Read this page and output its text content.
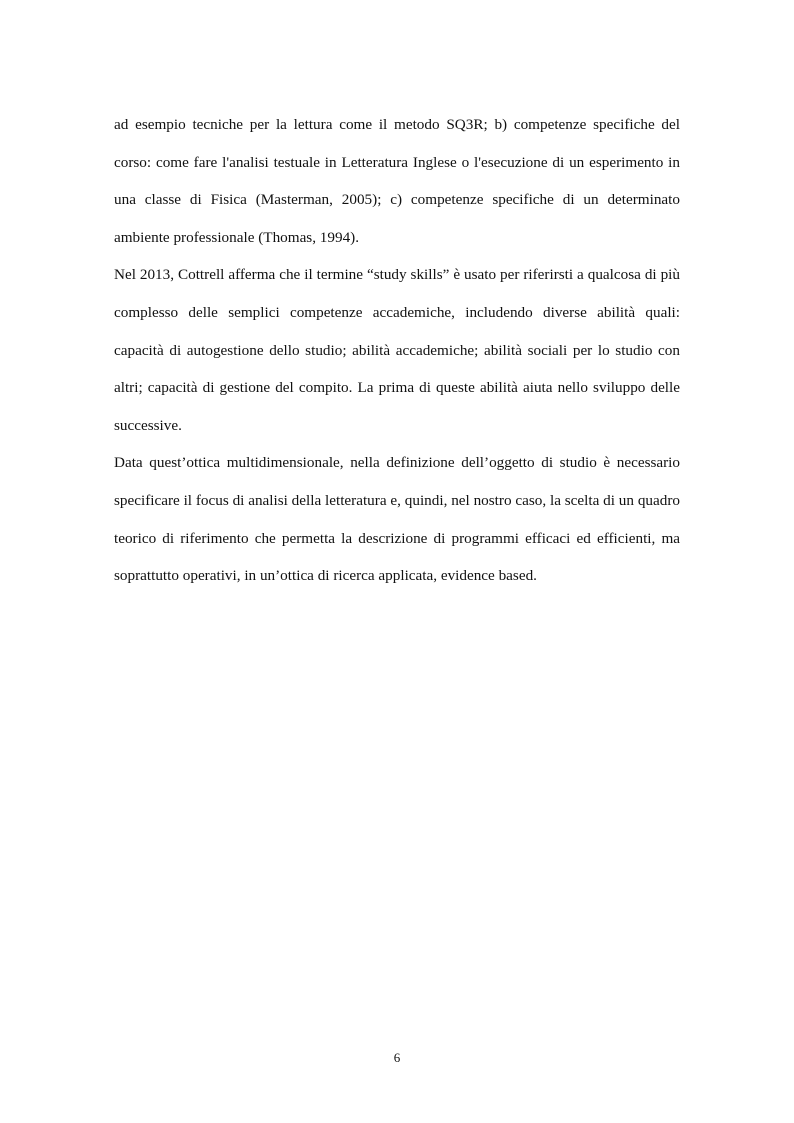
ad esempio tecniche per la lettura come il metodo SQ3R; b) competenze specifiche del corso: come fare l'analisi testuale in Letteratura Inglese o l'esecuzione di un esperimento in una classe di Fisica (Masterman, 2005); c) competenze specifiche di un determinato ambiente professionale (Thomas, 1994).

Nel 2013, Cottrell afferma che il termine “study skills” è usato per riferirsti a qualcosa di più complesso delle semplici competenze accademiche, includendo diverse abilità quali: capacità di autogestione dello studio; abilità accademiche; abilità sociali per lo studio con altri; capacità di gestione del compito. La prima di queste abilità aiuta nello sviluppo delle successive.

Data quest’ottica multidimensionale, nella definizione dell’oggetto di studio è necessario specificare il focus di analisi della letteratura e, quindi, nel nostro caso, la scelta di un quadro teorico di riferimento che permetta la descrizione di programmi efficaci ed efficienti, ma soprattutto operativi, in un’ottica di ricerca applicata, evidence based.

6
